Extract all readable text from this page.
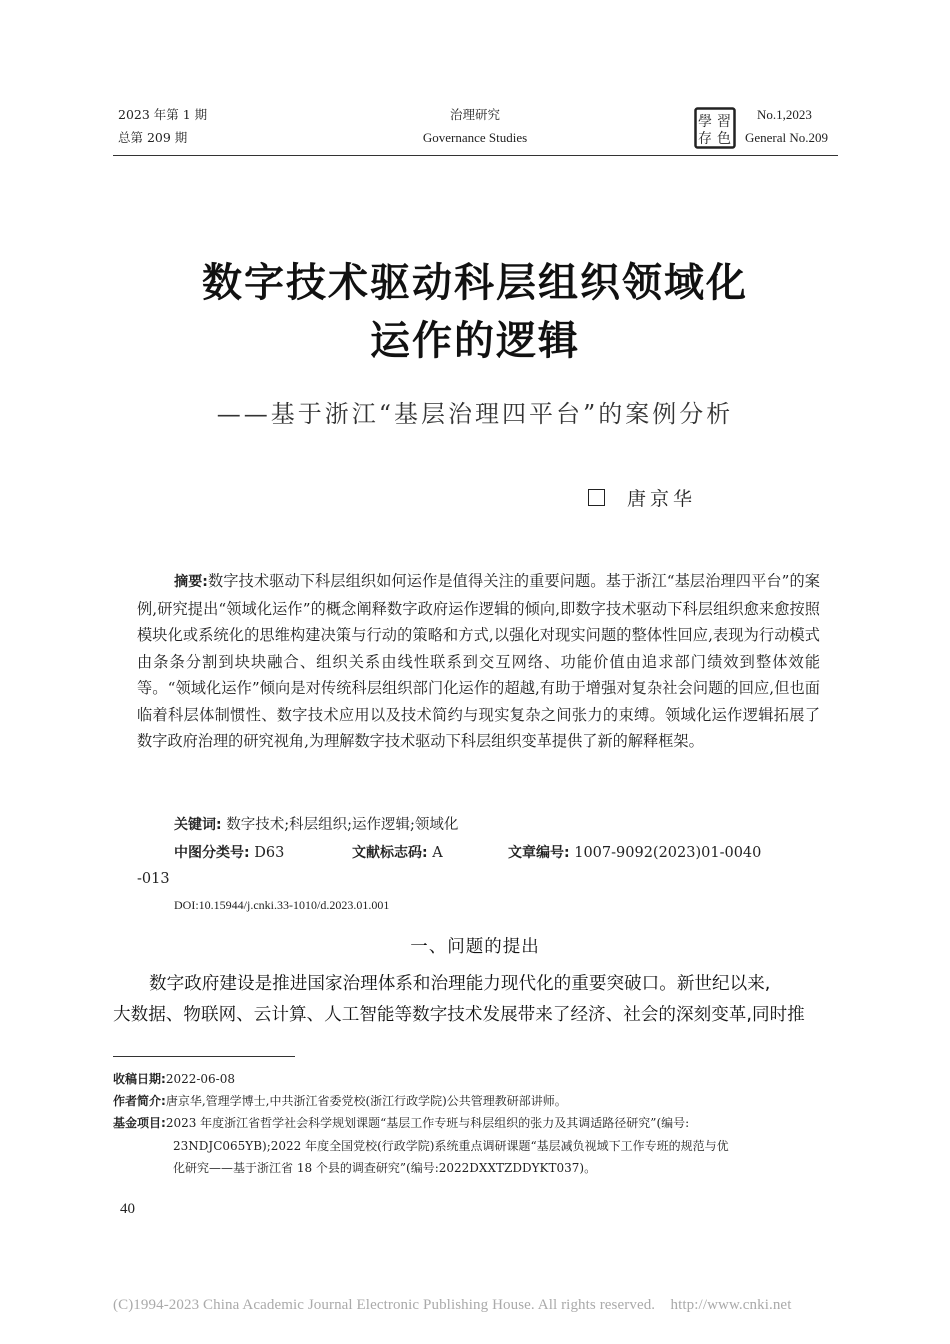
2023 年第 1 期
总第 209 期
治理研究
Governance Studies
學 習
存 色
No.1,2023
General No.209
数字技术驱动科层组织领域化
运作的逻辑
——基于浙江“基层治理四平台”的案例分析
唐京华
摘要:数字技术驱动下科层组织如何运作是值得关注的重要问题。基于浙江“基层治理四平台”的案例,研究提出“领域化运作”的概念阐释数字政府运作逻辑的倾向,即数字技术驱动下科层组织愈来愈按照模块化或系统化的思维构建决策与行动的策略和方式,以强化对现实问题的整体性回应,表现为行动模式由条条分割到块块融合、组织关系由线性联系到交互网络、功能价值由追求部门绩效到整体效能等。“领域化运作”倾向是对传统科层组织部门化运作的超越,有助于增强对复杂社会问题的回应,但也面临着科层体制惯性、数字技术应用以及技术简约与现实复杂之间张力的束缚。领域化运作逻辑拓展了数字政府治理的研究视角,为理解数字技术驱动下科层组织变革提供了新的解释框架。
关键词: 数字技术;科层组织;运作逻辑;领域化
中图分类号: D63	文献标志码: A	文章编号: 1007-9092(2023)01-0040
-013
DOI:10.15944/j.cnki.33-1010/d.2023.01.001
一、问题的提出
数字政府建设是推进国家治理体系和治理能力现代化的重要突破口。新世纪以来,
大数据、物联网、云计算、人工智能等数字技术发展带来了经济、社会的深刻变革,同时推
收稿日期:2022-06-08
作者简介:唐京华,管理学博士,中共浙江省委党校(浙江行政学院)公共管理教研部讲师。
基金项目:2023 年度浙江省哲学社会科学规划课题“基层工作专班与科层组织的张力及其调适路径研究”(编号:
23NDJC065YB);2022 年度全国党校(行政学院)系统重点调研课题“基层减负视域下工作专班的规范与优
化研究——基于浙江省 18 个县的调查研究”(编号:2022DXXTZDDYKT037)。
40
(C)1994-2023 China Academic Journal Electronic Publishing House. All rights reserved.    http://www.cnki.net
